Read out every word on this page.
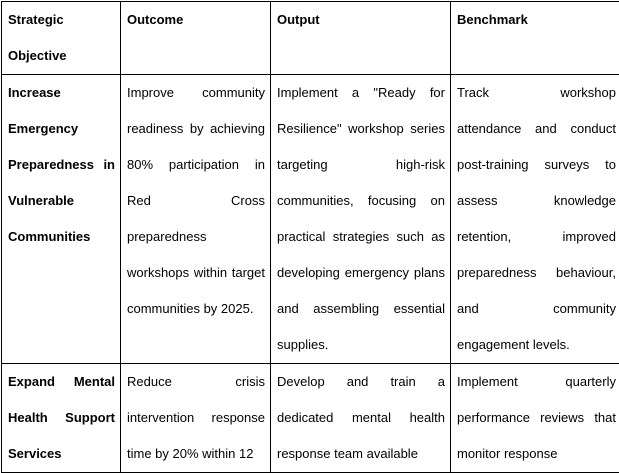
Strategic Objective	Outcome	Output	Benchmark
Increase Emergency Preparedness in Vulnerable Communities	Improve community readiness by achieving 80% participation in Red Cross preparedness workshops within target communities by 2025.	Implement a "Ready for Resilience" workshop series targeting high-risk communities, focusing on practical strategies such as developing emergency plans and assembling essential supplies.	Track workshop attendance and conduct post-training surveys to assess knowledge retention, improved preparedness behaviour, and community engagement levels.
Expand Mental Health Support Services	Reduce crisis intervention response time by 20% within 12	Develop and train a dedicated mental health response team available	Implement quarterly performance reviews that monitor response
